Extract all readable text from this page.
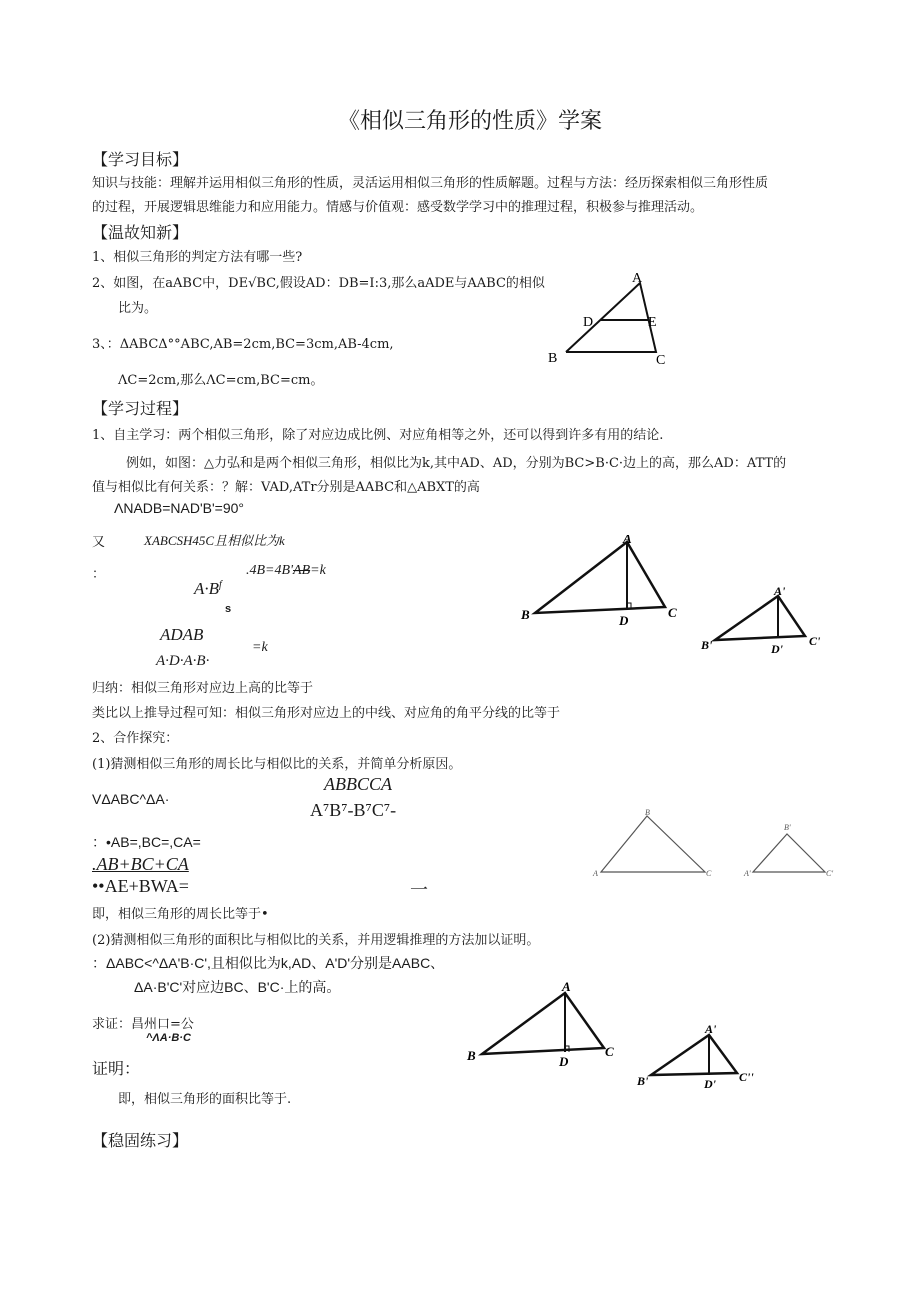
《相似三角形的性质》学案
【学习目标】
知识与技能：理解并运用相似三角形的性质，灵活运用相似三角形的性质解题。过程与方法：经历探索相似三角形性质
的过程，开展逻辑思维能力和应用能力。情感与价值观：感受数学学习中的推理过程，积极参与推理活动。
【温故知新】
1、相似三角形的判定方法有哪一些?
2、如图，在aABC中，DE√BC,假设AD：DB=I:3,那么aADE与AABC的相似
比为。
3、：ΔABCΔ°°ABC,AB=2cm,BC=3cm,AB-4cm,
ΛC=2cm,那么ΛC=cm,BC=cm。
A
B	C
D	E
【学习过程】
1、自主学习：两个相似三角形，除了对应边成比例、对应角相等之外，还可以得到许多有用的结论.
例如，如图：△力弘和是两个相似三角形，相似比为k,其中AD、AD，分别为BC>B·C·边上的高，那么AD：ATT的
值与相似比有何关系：？解：VAD,ATr分别是AABC和△ABXT的高
ΛNADB=NAD'B'=90°
又	XABCSH45C且相似比为k
：	.4B=4B'AB=k
$A\cdot B^f$
s
ADAB
=k
A·D·A·B·
A
B	C
D
A'
B'	C'
D'
归纳：相似三角形对应边上高的比等于
类比以上推导过程可知：相似三角形对应边上的中线、对应角的角平分线的比等于
2、合作探究：
(1)猜测相似三角形的周长比与相似比的关系，并简单分析原因。
VΔABC^ΔA·
ABBCCA
A⁷B⁷-B⁷C⁷-
：•AB=,BC=,CA=
.AB+BC+CA
••AE+BWA=	一
即，相似三角形的周长比等于•
B
A	C
B'
A'	C'
(2)猜测相似三角形的面积比与相似比的关系，并用逻辑推理的方法加以证明。
：ΔABC<^ΔA'B·C',且相似比为k,AD、A'D'分别是AABC、
ΔA·B'C'对应边BC、B'C·上的高。
求证：昌州口=公
^ΛA·B·C
证明：
即，相似三角形的面积比等于.
A
B	C
D
A'
B'	C''
D'
【稳固练习】
